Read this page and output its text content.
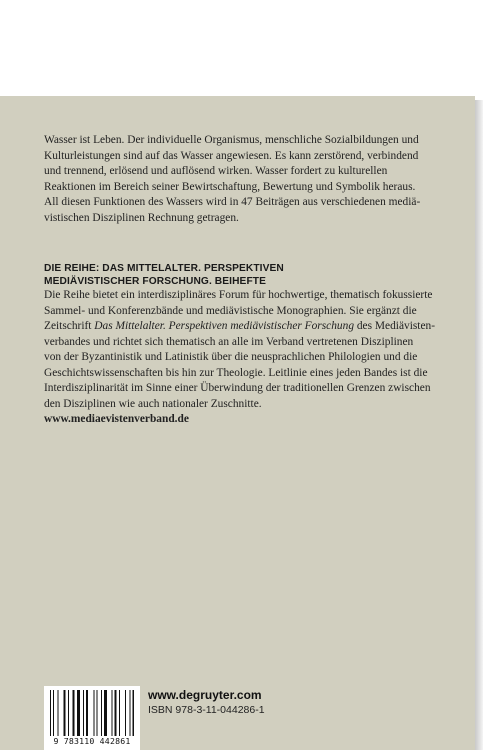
Wasser ist Leben. Der individuelle Organismus, menschliche Sozialbildungen und
Kulturleistungen sind auf das Wasser angewiesen. Es kann zerstörend, verbindend
und trennend, erlösend und auflösend wirken. Wasser fordert zu kulturellen
Reaktionen im Bereich seiner Bewirtschaftung, Bewertung und Symbolik heraus.
All diesen Funktionen des Wassers wird in 47 Beiträgen aus verschiedenen mediä-
vistischen Disziplinen Rechnung getragen.
DIE REIHE: DAS MITTELALTER. PERSPEKTIVEN
MEDIÄVISTISCHER FORSCHUNG. BEIHEFTE
Die Reihe bietet ein interdisziplinäres Forum für hochwertige, thematisch fokussierte
Sammel- und Konferenzbände und mediävistische Monographien. Sie ergänzt die
Zeitschrift Das Mittelalter. Perspektiven mediävistischer Forschung des Mediävisten-
verbandes und richtet sich thematisch an alle im Verband vertretenen Disziplinen
von der Byzantinistik und Latinistik über die neusprachlichen Philologien und die
Geschichtswissenschaften bis hin zur Theologie. Leitlinie eines jeden Bandes ist die
Interdisziplinarität im Sinne einer Überwindung der traditionellen Grenzen zwischen
den Disziplinen wie auch nationaler Zuschnitte.
www.mediaevistenverband.de
9 783110 442861
www.degruyter.com
ISBN 978-3-11-044286-1
